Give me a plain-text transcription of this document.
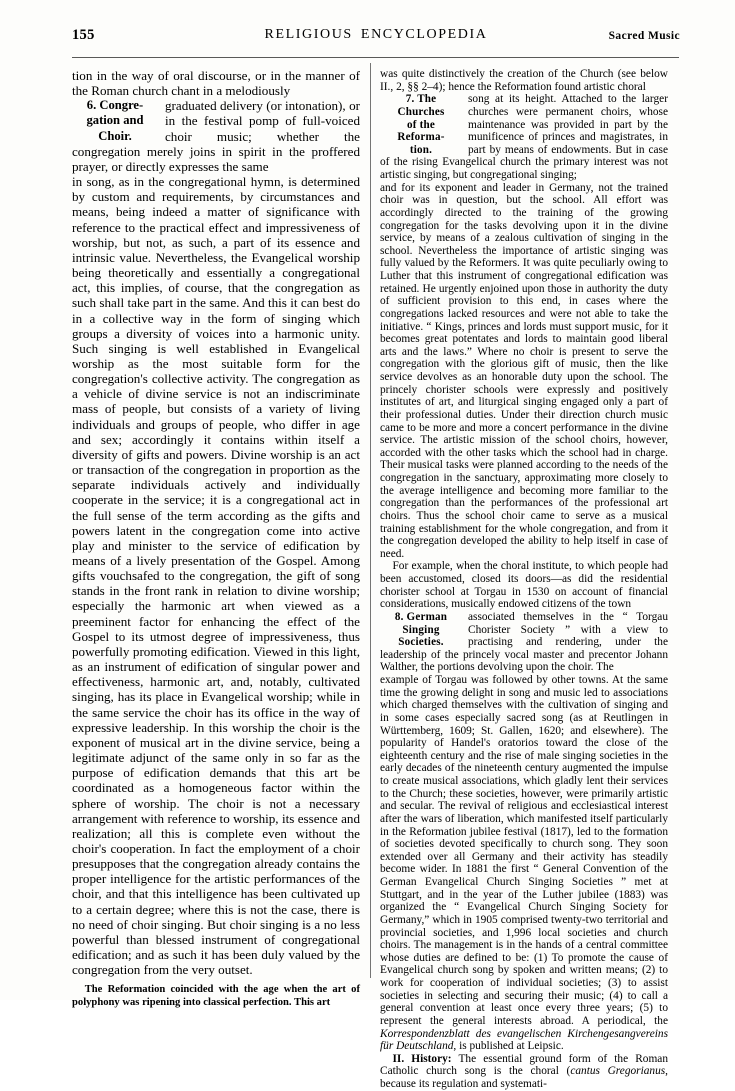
155	RELIGIOUS ENCYCLOPEDIA	Sacred Music

tion in the way of oral discourse, or in the manner of the Roman church chant in a melodiously

6. Congre-
gation and
Choir.

graduated delivery (or intonation), or in the festival pomp of full-voiced choir music; whether the congregation merely joins in spirit in the proffered prayer, or directly expresses the same

in song, as in the congregational hymn, is determined by custom and requirements, by circumstances and means, being indeed a matter of significance with reference to the practical effect and impressiveness of worship, but not, as such, a part of its essence and intrinsic value. Nevertheless, the Evangelical worship being theoretically and essentially a congregational act, this implies, of course, that the congregation as such shall take part in the same. And this it can best do in a collective way in the form of singing which groups a diversity of voices into a harmonic unity. Such singing is well established in Evangelical worship as the most suitable form for the congregation's collective activity. The congregation as a vehicle of divine service is not an indiscriminate mass of people, but consists of a variety of living individuals and groups of people, who differ in age and sex; accordingly it contains within itself a diversity of gifts and powers. Divine worship is an act or transaction of the congregation in proportion as the separate individuals actively and individually cooperate in the service; it is a congregational act in the full sense of the term according as the gifts and powers latent in the congregation come into active play and minister to the service of edification by means of a lively presentation of the Gospel. Among gifts vouchsafed to the congregation, the gift of song stands in the front rank in relation to divine worship; especially the harmonic art when viewed as a preeminent factor for enhancing the effect of the Gospel to its utmost degree of impressiveness, thus powerfully promoting edification. Viewed in this light, as an instrument of edification of singular power and effectiveness, harmonic art, and, notably, cultivated singing, has its place in Evangelical worship; while in the same service the choir has its office in the way of expressive leadership. In this worship the choir is the exponent of musical art in the divine service, being a legitimate adjunct of the same only in so far as the purpose of edification demands that this art be coordinated as a homogeneous factor within the sphere of worship. The choir is not a necessary arrangement with reference to worship, its essence and realization; all this is complete even without the choir's cooperation. In fact the employment of a choir presupposes that the congregation already contains the proper intelligence for the artistic performances of the choir, and that this intelligence has been cultivated up to a certain degree; where this is not the case, there is no need of choir singing. But choir singing is a no less powerful than blessed instrument of congregational edification; and as such it has been duly valued by the congregation from the very outset.

The Reformation coincided with the age when the art of polyphony was ripening into classical perfection. This art

was quite distinctively the creation of the Church (see below II., 2, §§ 2–4); hence the Reformation found artistic choral

7. The
Churches
of the
Reforma-
tion.

song at its height. Attached to the larger churches were permanent choirs, whose maintenance was provided in part by the munificence of princes and magistrates, in part by means of endowments. But in case of the rising Evangelical church the primary interest was not artistic singing, but congregational singing;

and for its exponent and leader in Germany, not the trained choir was in question, but the school. All effort was accordingly directed to the training of the growing congregation for the tasks devolving upon it in the divine service, by means of a zealous cultivation of singing in the school. Nevertheless the importance of artistic singing was fully valued by the Reformers. It was quite peculiarly owing to Luther that this instrument of congregational edification was retained. He urgently enjoined upon those in authority the duty of sufficient provision to this end, in cases where the congregations lacked resources and were not able to take the initiative. “ Kings, princes and lords must support music, for it becomes great potentates and lords to maintain good liberal arts and the laws.” Where no choir is present to serve the congregation with the glorious gift of music, then the like service devolves as an honorable duty upon the school. The princely chorister schools were expressly and positively institutes of art, and liturgical singing engaged only a part of their professional duties. Under their direction church music came to be more and more a concert performance in the divine service. The artistic mission of the school choirs, however, accorded with the other tasks which the school had in charge. Their musical tasks were planned according to the needs of the congregation in the sanctuary, approximating more closely to the average intelligence and becoming more familiar to the congregation than the performances of the professional art choirs. Thus the school choir came to serve as a musical training establishment for the whole congregation, and from it the congregation developed the ability to help itself in case of need.

For example, when the choral institute, to which people had been accustomed, closed its doors—as did the residential chorister school at Torgau in 1530 on account of financial considerations, musically endowed citizens of the town

8. German
Singing
Societies.

associated themselves in the “ Torgau Chorister Society ” with a view to practising and rendering, under the leadership of the princely vocal master and precentor Johann Walther, the portions devolving upon the choir. The

example of Torgau was followed by other towns. At the same time the growing delight in song and music led to associations which charged themselves with the cultivation of singing and in some cases especially sacred song (as at Reutlingen in Württemberg, 1609; St. Gallen, 1620; and elsewhere). The popularity of Handel's oratorios toward the close of the eighteenth century and the rise of male singing societies in the early decades of the nineteenth century augmented the impulse to create musical associations, which gladly lent their services to the Church; these societies, however, were primarily artistic and secular. The revival of religious and ecclesiastical interest after the wars of liberation, which manifested itself particularly in the Reformation jubilee festival (1817), led to the formation of societies devoted specifically to church song. They soon extended over all Germany and their activity has steadily become wider. In 1881 the first “ General Convention of the German Evangelical Church Singing Societies ” met at Stuttgart, and in the year of the Luther jubilee (1883) was organized the “ Evangelical Church Singing Society for Germany,” which in 1905 comprised twenty-two territorial and provincial societies, and 1,996 local societies and church choirs. The management is in the hands of a central committee whose duties are defined to be: (1) To promote the cause of Evangelical church song by spoken and written means; (2) to work for cooperation of individual societies; (3) to assist societies in selecting and securing their music; (4) to call a general convention at least once every three years; (5) to represent the general interests abroad. A periodical, the Korrespondenzblatt des evangelischen Kirchengesangvereins für Deutschland, is published at Leipsic.

II. History: The essential ground form of the Roman Catholic church song is the choral (cantus Gregorianus, because its regulation and systemati-
